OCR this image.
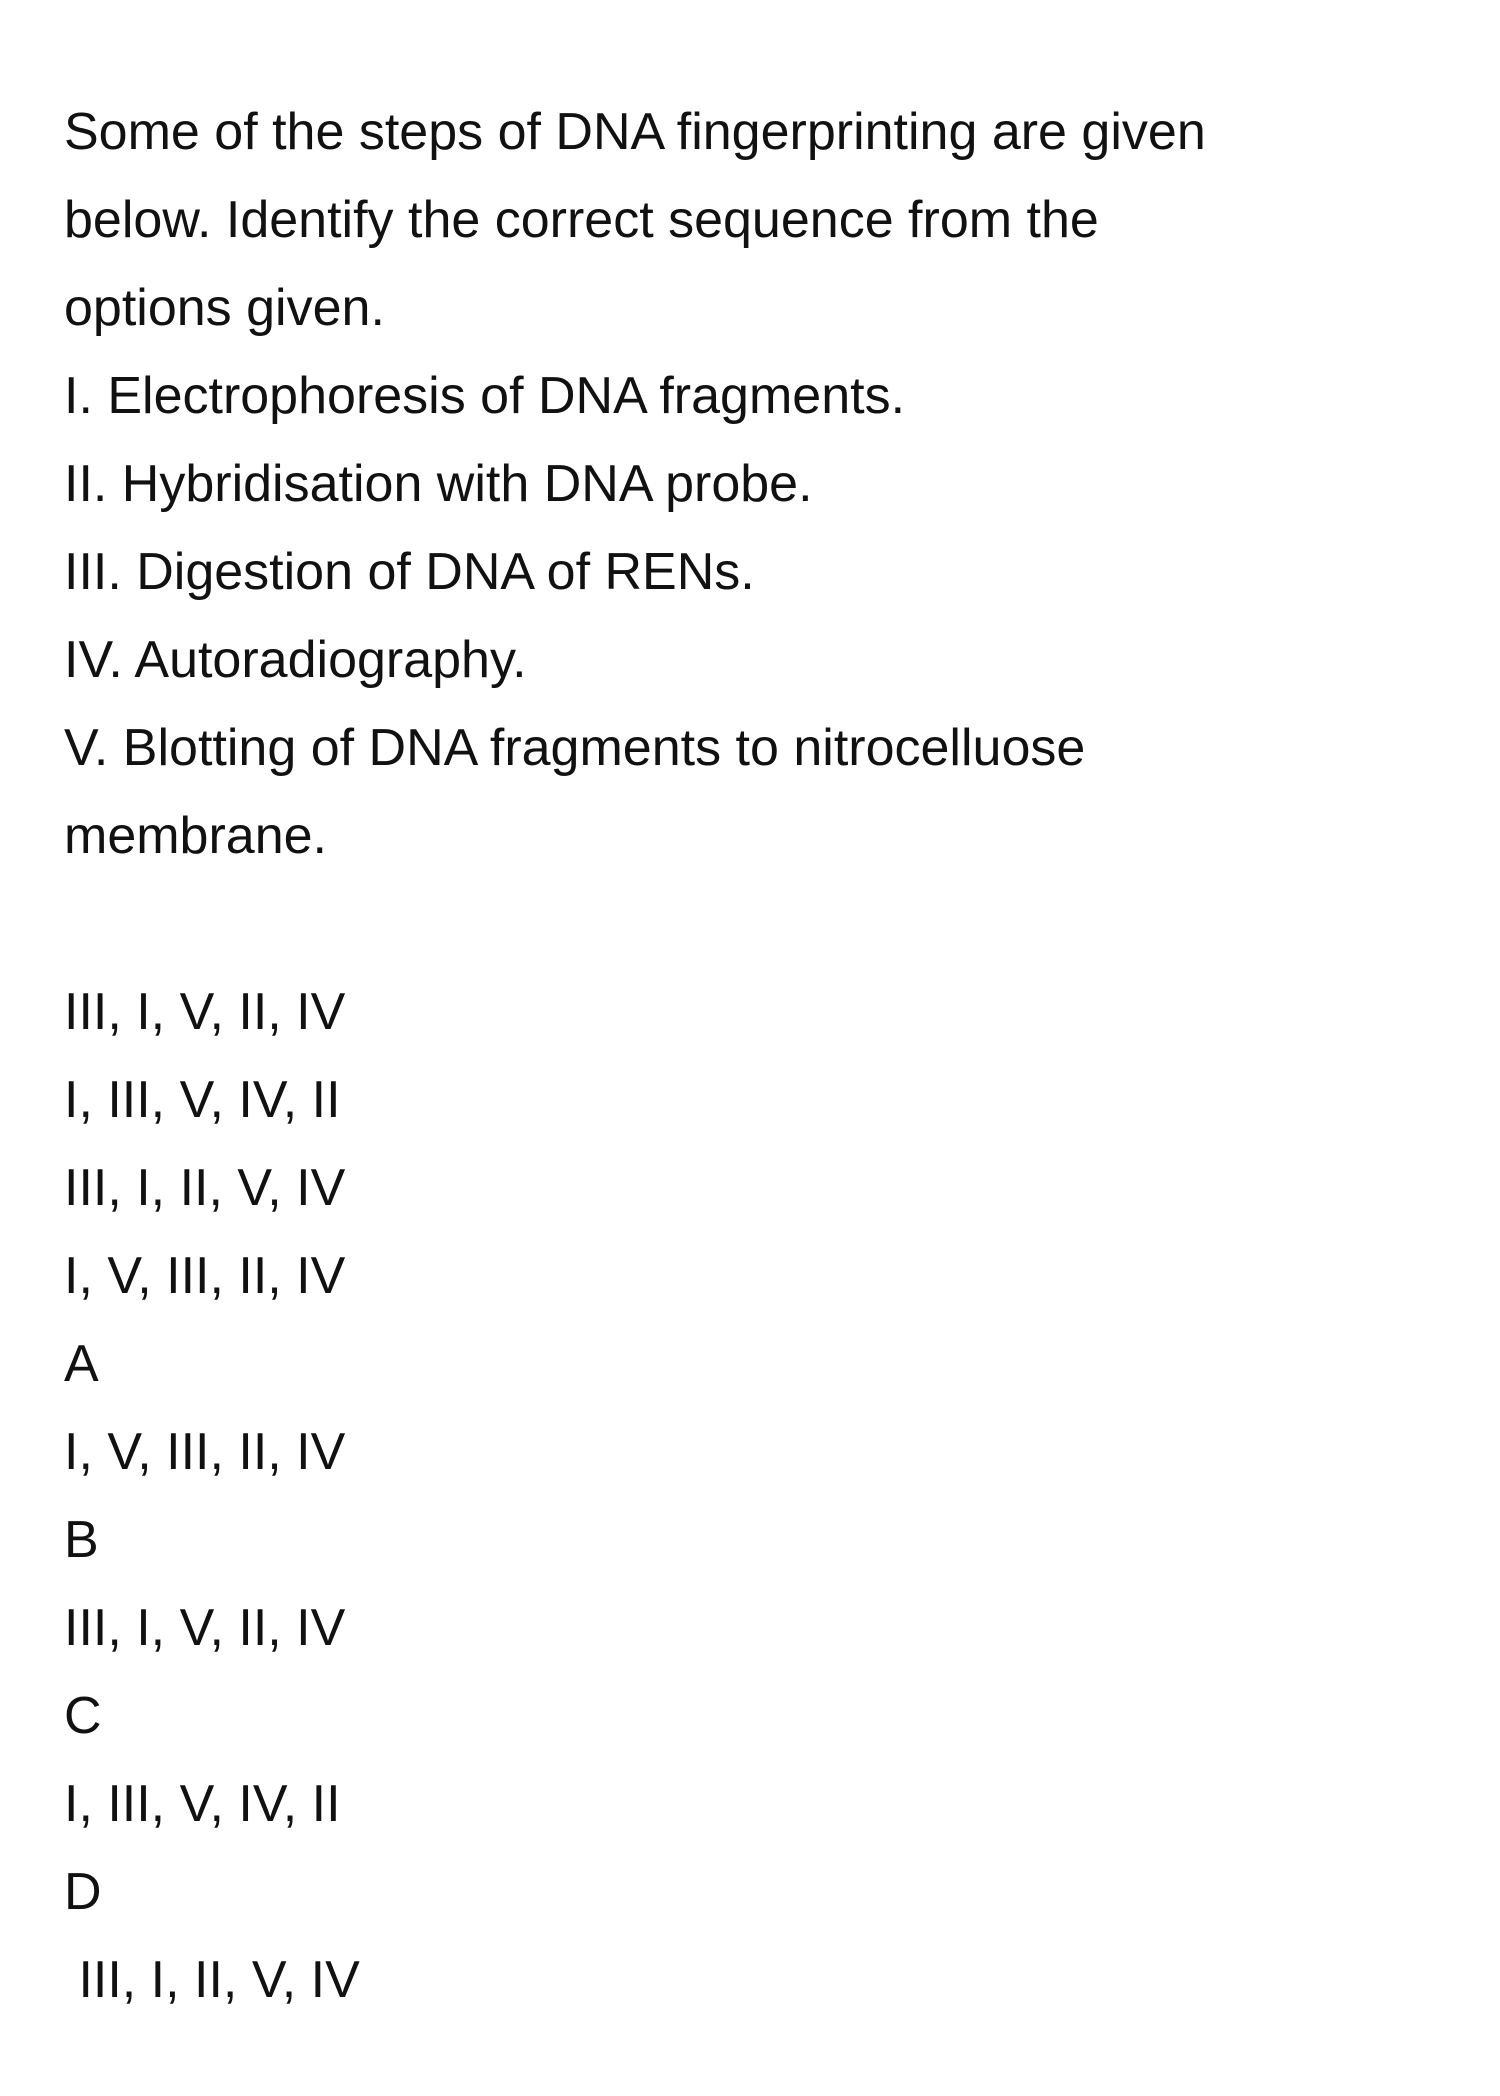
Some of the steps of DNA fingerprinting are given
below. Identify the correct sequence from the
options given.
I. Electrophoresis of DNA fragments.
II. Hybridisation with DNA probe.
III. Digestion of DNA of RENs.
IV. Autoradiography.
V. Blotting of DNA fragments to nitrocelluose
membrane.
III, I, V, II, IV
I, III, V, IV, II
III, I, II, V, IV
I, V, III, II, IV
A
I, V, III, II, IV
B
III, I, V, II, IV
C
I, III, V, IV, II
D
III, I, II, V, IV
